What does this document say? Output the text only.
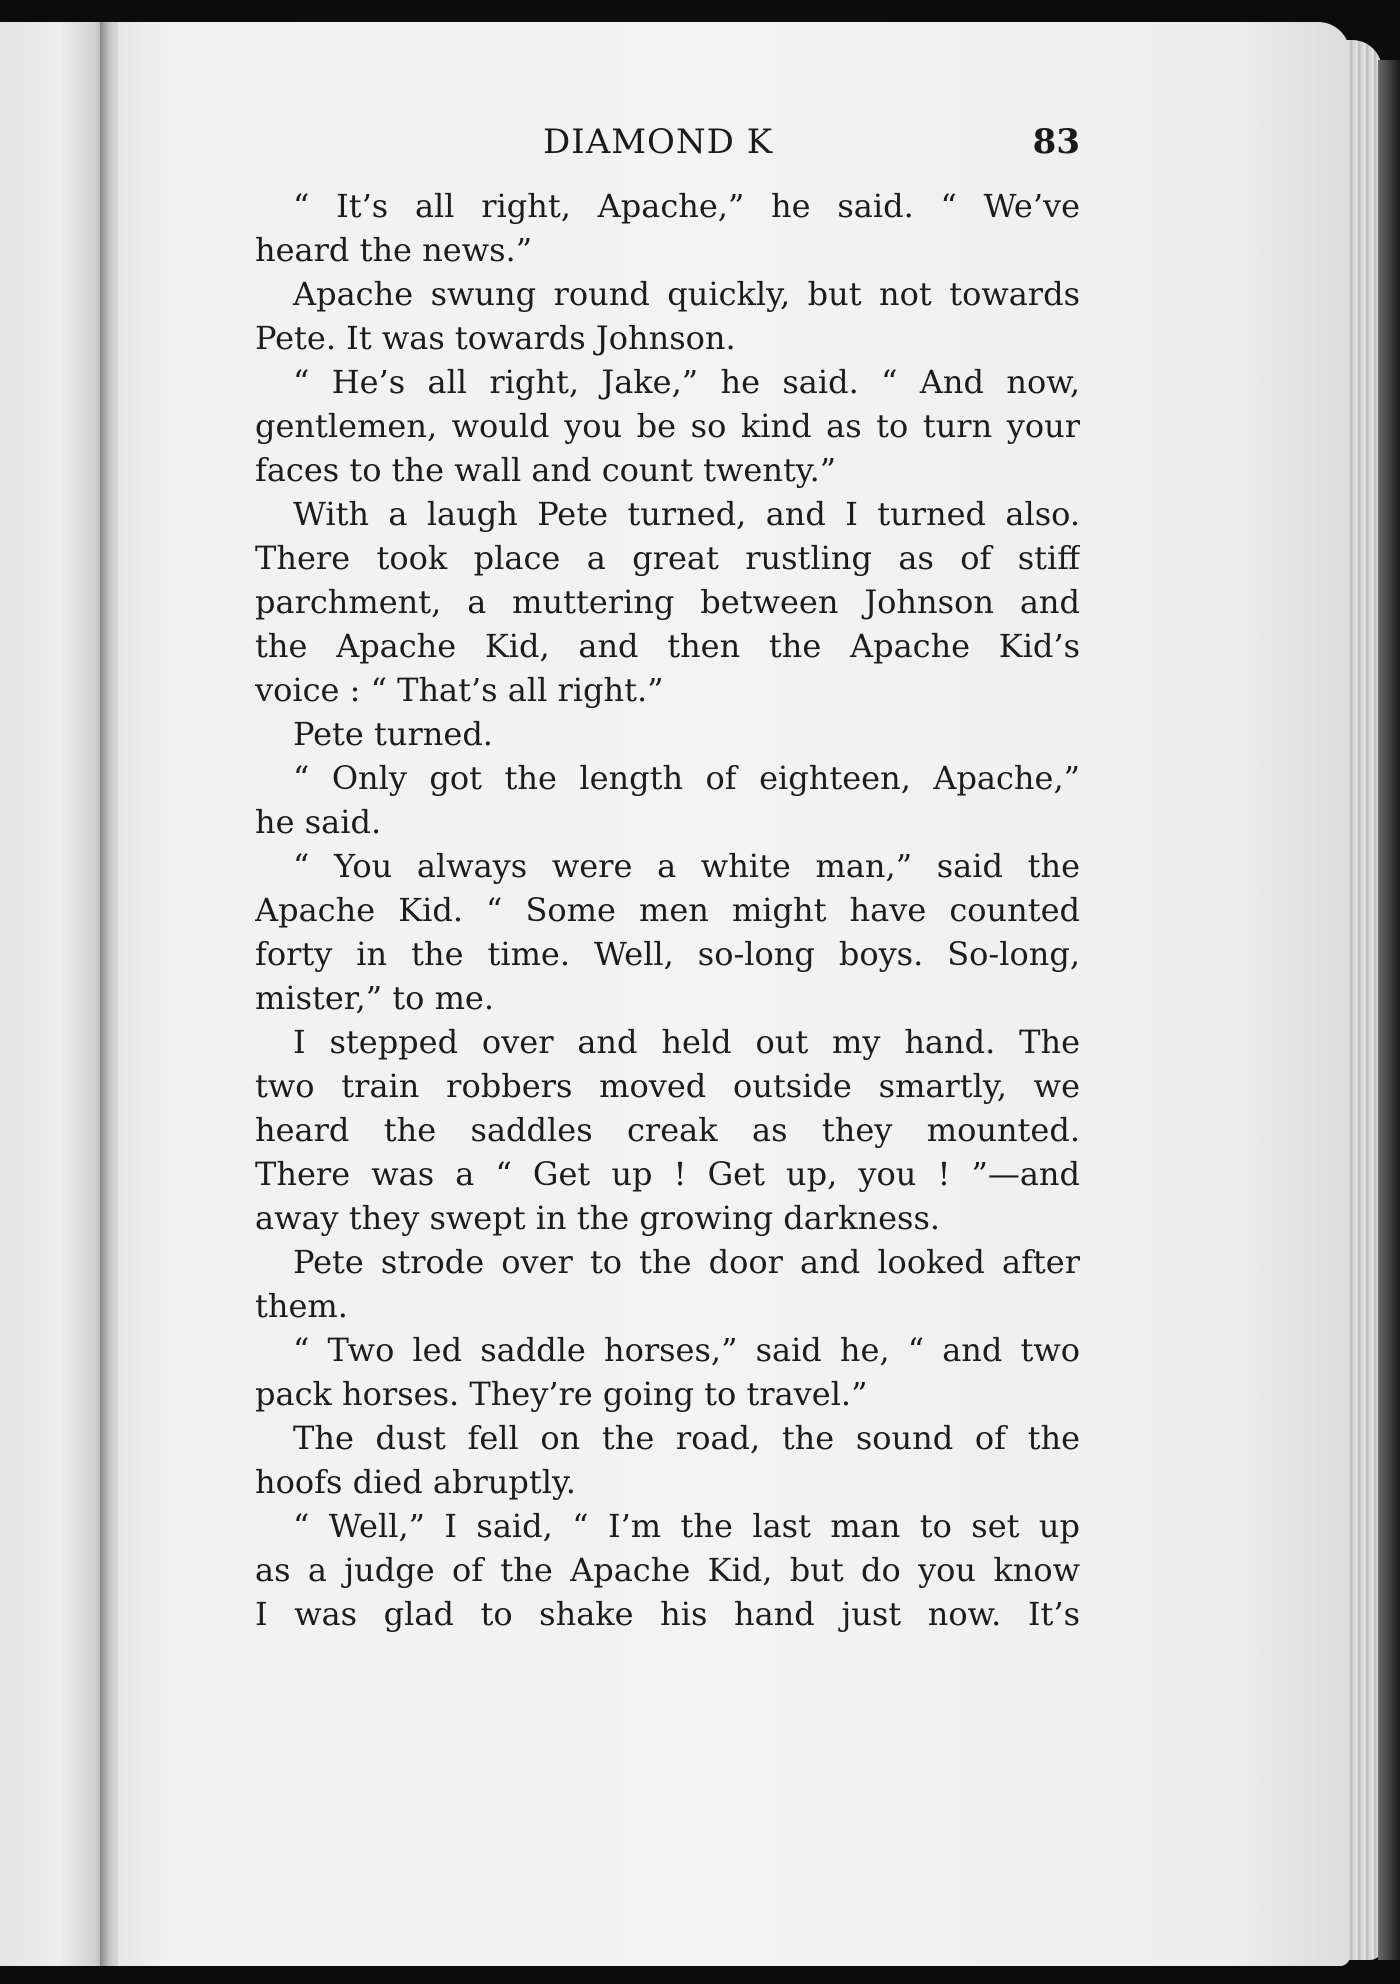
DIAMOND K	83
“ It’s all right, Apache,” he said. “ We’ve
heard the news.”
Apache swung round quickly, but not towards
Pete. It was towards Johnson.
“ He’s all right, Jake,” he said. “ And now,
gentlemen, would you be so kind as to turn your
faces to the wall and count twenty.”
With a laugh Pete turned, and I turned also.
There took place a great rustling as of stiff
parchment, a muttering between Johnson and
the Apache Kid, and then the Apache Kid’s
voice : “ That’s all right.”
Pete turned.
“ Only got the length of eighteen, Apache,”
he said.
“ You always were a white man,” said the
Apache Kid. “ Some men might have counted
forty in the time. Well, so-long boys. So-long,
mister,” to me.
I stepped over and held out my hand. The
two train robbers moved outside smartly, we
heard the saddles creak as they mounted.
There was a “ Get up ! Get up, you ! ”—and
away they swept in the growing darkness.
Pete strode over to the door and looked after
them.
“ Two led saddle horses,” said he, “ and two
pack horses. They’re going to travel.”
The dust fell on the road, the sound of the
hoofs died abruptly.
“ Well,” I said, “ I’m the last man to set up
as a judge of the Apache Kid, but do you know
I was glad to shake his hand just now. It’s
